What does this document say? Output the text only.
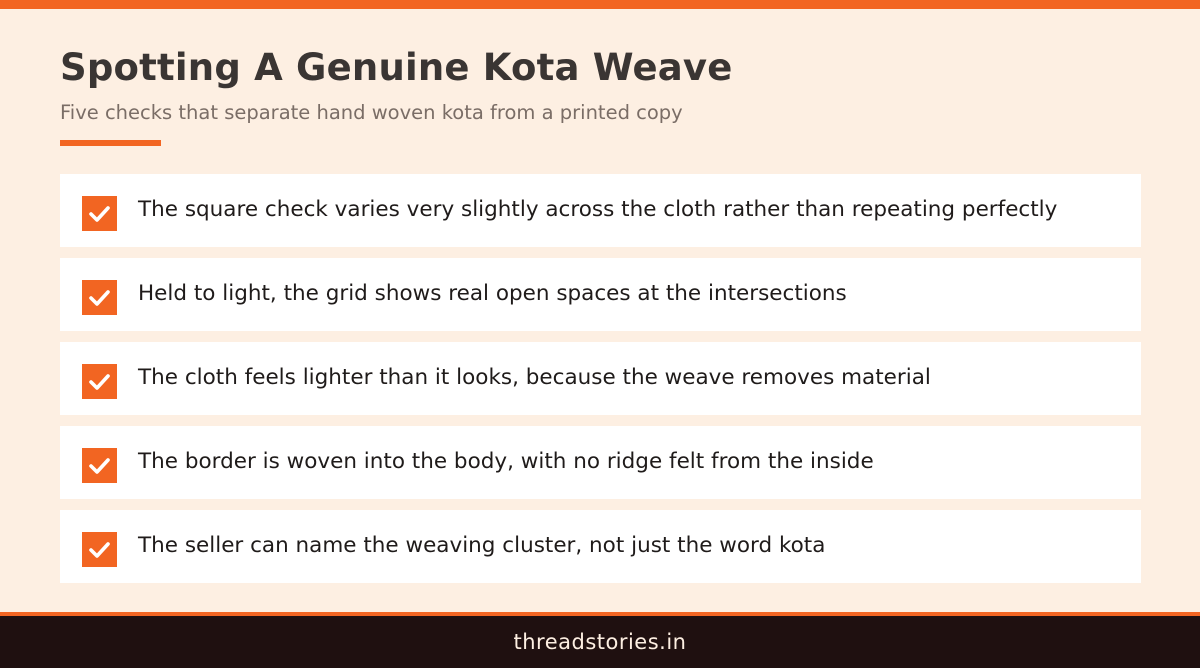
Spotting A Genuine Kota Weave

Five checks that separate hand woven kota from a printed copy

The square check varies very slightly across the cloth rather than repeating perfectly
Held to light, the grid shows real open spaces at the intersections
The cloth feels lighter than it looks, because the weave removes material
The border is woven into the body, with no ridge felt from the inside
The seller can name the weaving cluster, not just the word kota
threadstories.in
